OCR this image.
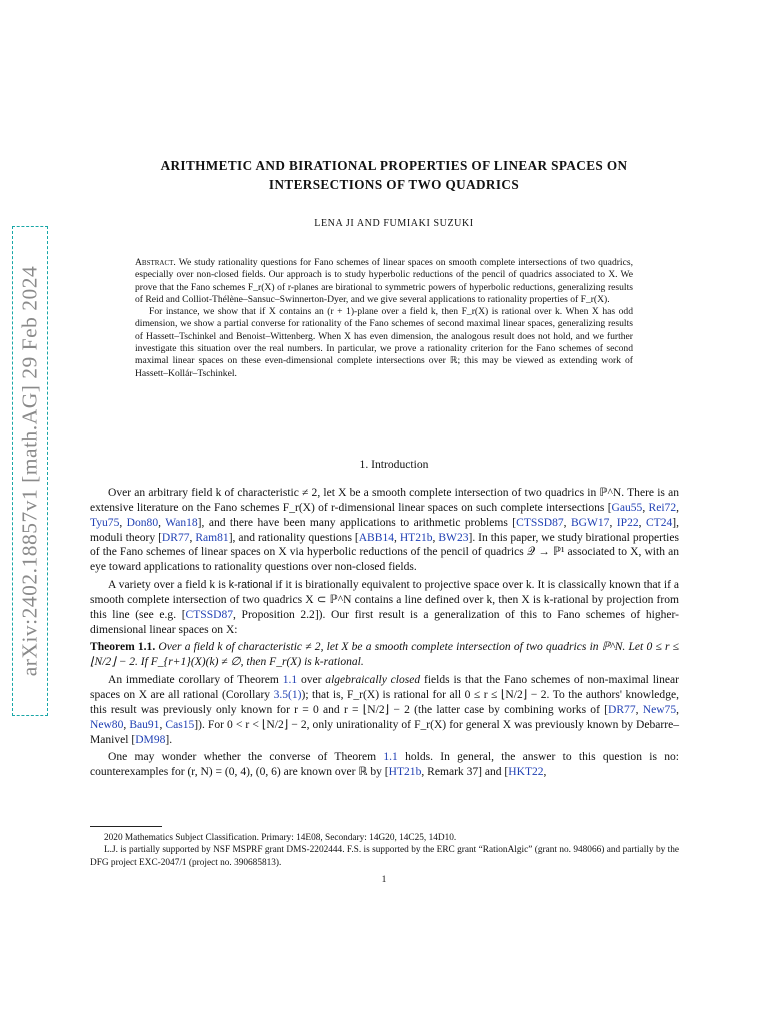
arXiv:2402.18857v1 [math.AG] 29 Feb 2024
ARITHMETIC AND BIRATIONAL PROPERTIES OF LINEAR SPACES ON
INTERSECTIONS OF TWO QUADRICS
LENA JI AND FUMIAKI SUZUKI

Abstract. We study rationality questions for Fano schemes of linear spaces on smooth complete intersections of two quadrics, especially over non-closed fields. Our approach is to study hyperbolic reductions of the pencil of quadrics associated to X. We prove that the Fano schemes F_r(X) of r-planes are birational to symmetric powers of hyperbolic reductions, generalizing results of Reid and Colliot-Thélène–Sansuc–Swinnerton-Dyer, and we give several applications to rationality properties of F_r(X).

For instance, we show that if X contains an (r + 1)-plane over a field k, then F_r(X) is rational over k. When X has odd dimension, we show a partial converse for rationality of the Fano schemes of second maximal linear spaces, generalizing results of Hassett–Tschinkel and Benoist–Wittenberg. When X has even dimension, the analogous result does not hold, and we further investigate this situation over the real numbers. In particular, we prove a rationality criterion for the Fano schemes of second maximal linear spaces on these even-dimensional complete intersections over ℝ; this may be viewed as extending work of Hassett–Kollár–Tschinkel.

1. Introduction

Over an arbitrary field k of characteristic ≠ 2, let X be a smooth complete intersection of two quadrics in ℙ^N. There is an extensive literature on the Fano schemes F_r(X) of r-dimensional linear spaces on such complete intersections [Gau55, Rei72, Tyu75, Don80, Wan18], and there have been many applications to arithmetic problems [CTSSD87, BGW17, IP22, CT24], moduli theory [DR77, Ram81], and rationality questions [ABB14, HT21b, BW23]. In this paper, we study birational properties of the Fano schemes of linear spaces on X via hyperbolic reductions of the pencil of quadrics 𝒬 → ℙ¹ associated to X, with an eye toward applications to rationality questions over non-closed fields.

A variety over a field k is k-rational if it is birationally equivalent to projective space over k. It is classically known that if a smooth complete intersection of two quadrics X ⊂ ℙ^N contains a line defined over k, then X is k-rational by projection from this line (see e.g. [CTSSD87, Proposition 2.2]). Our first result is a generalization of this to Fano schemes of higher-dimensional linear spaces on X:

Theorem 1.1. Over a field k of characteristic ≠ 2, let X be a smooth complete intersection of two quadrics in ℙ^N. Let 0 ≤ r ≤ ⌊N/2⌋ − 2. If F_{r+1}(X)(k) ≠ ∅, then F_r(X) is k-rational.

An immediate corollary of Theorem 1.1 over algebraically closed fields is that the Fano schemes of non-maximal linear spaces on X are all rational (Corollary 3.5(1)); that is, F_r(X) is rational for all 0 ≤ r ≤ ⌊N/2⌋ − 2. To the authors' knowledge, this result was previously only known for r = 0 and r = ⌊N/2⌋ − 2 (the latter case by combining works of [DR77, New75, New80, Bau91, Cas15]). For 0 < r < ⌊N/2⌋ − 2, only unirationality of F_r(X) for general X was previously known by Debarre–Manivel [DM98].

One may wonder whether the converse of Theorem 1.1 holds. In general, the answer to this question is no: counterexamples for (r, N) = (0, 4), (0, 6) are known over ℝ by [HT21b, Remark 37] and [HKT22,

2020 Mathematics Subject Classification. Primary: 14E08, Secondary: 14G20, 14C25, 14D10.

L.J. is partially supported by NSF MSPRF grant DMS-2202444. F.S. is supported by the ERC grant “RationAlgic” (grant no. 948066) and partially by the DFG project EXC-2047/1 (project no. 390685813).

1
